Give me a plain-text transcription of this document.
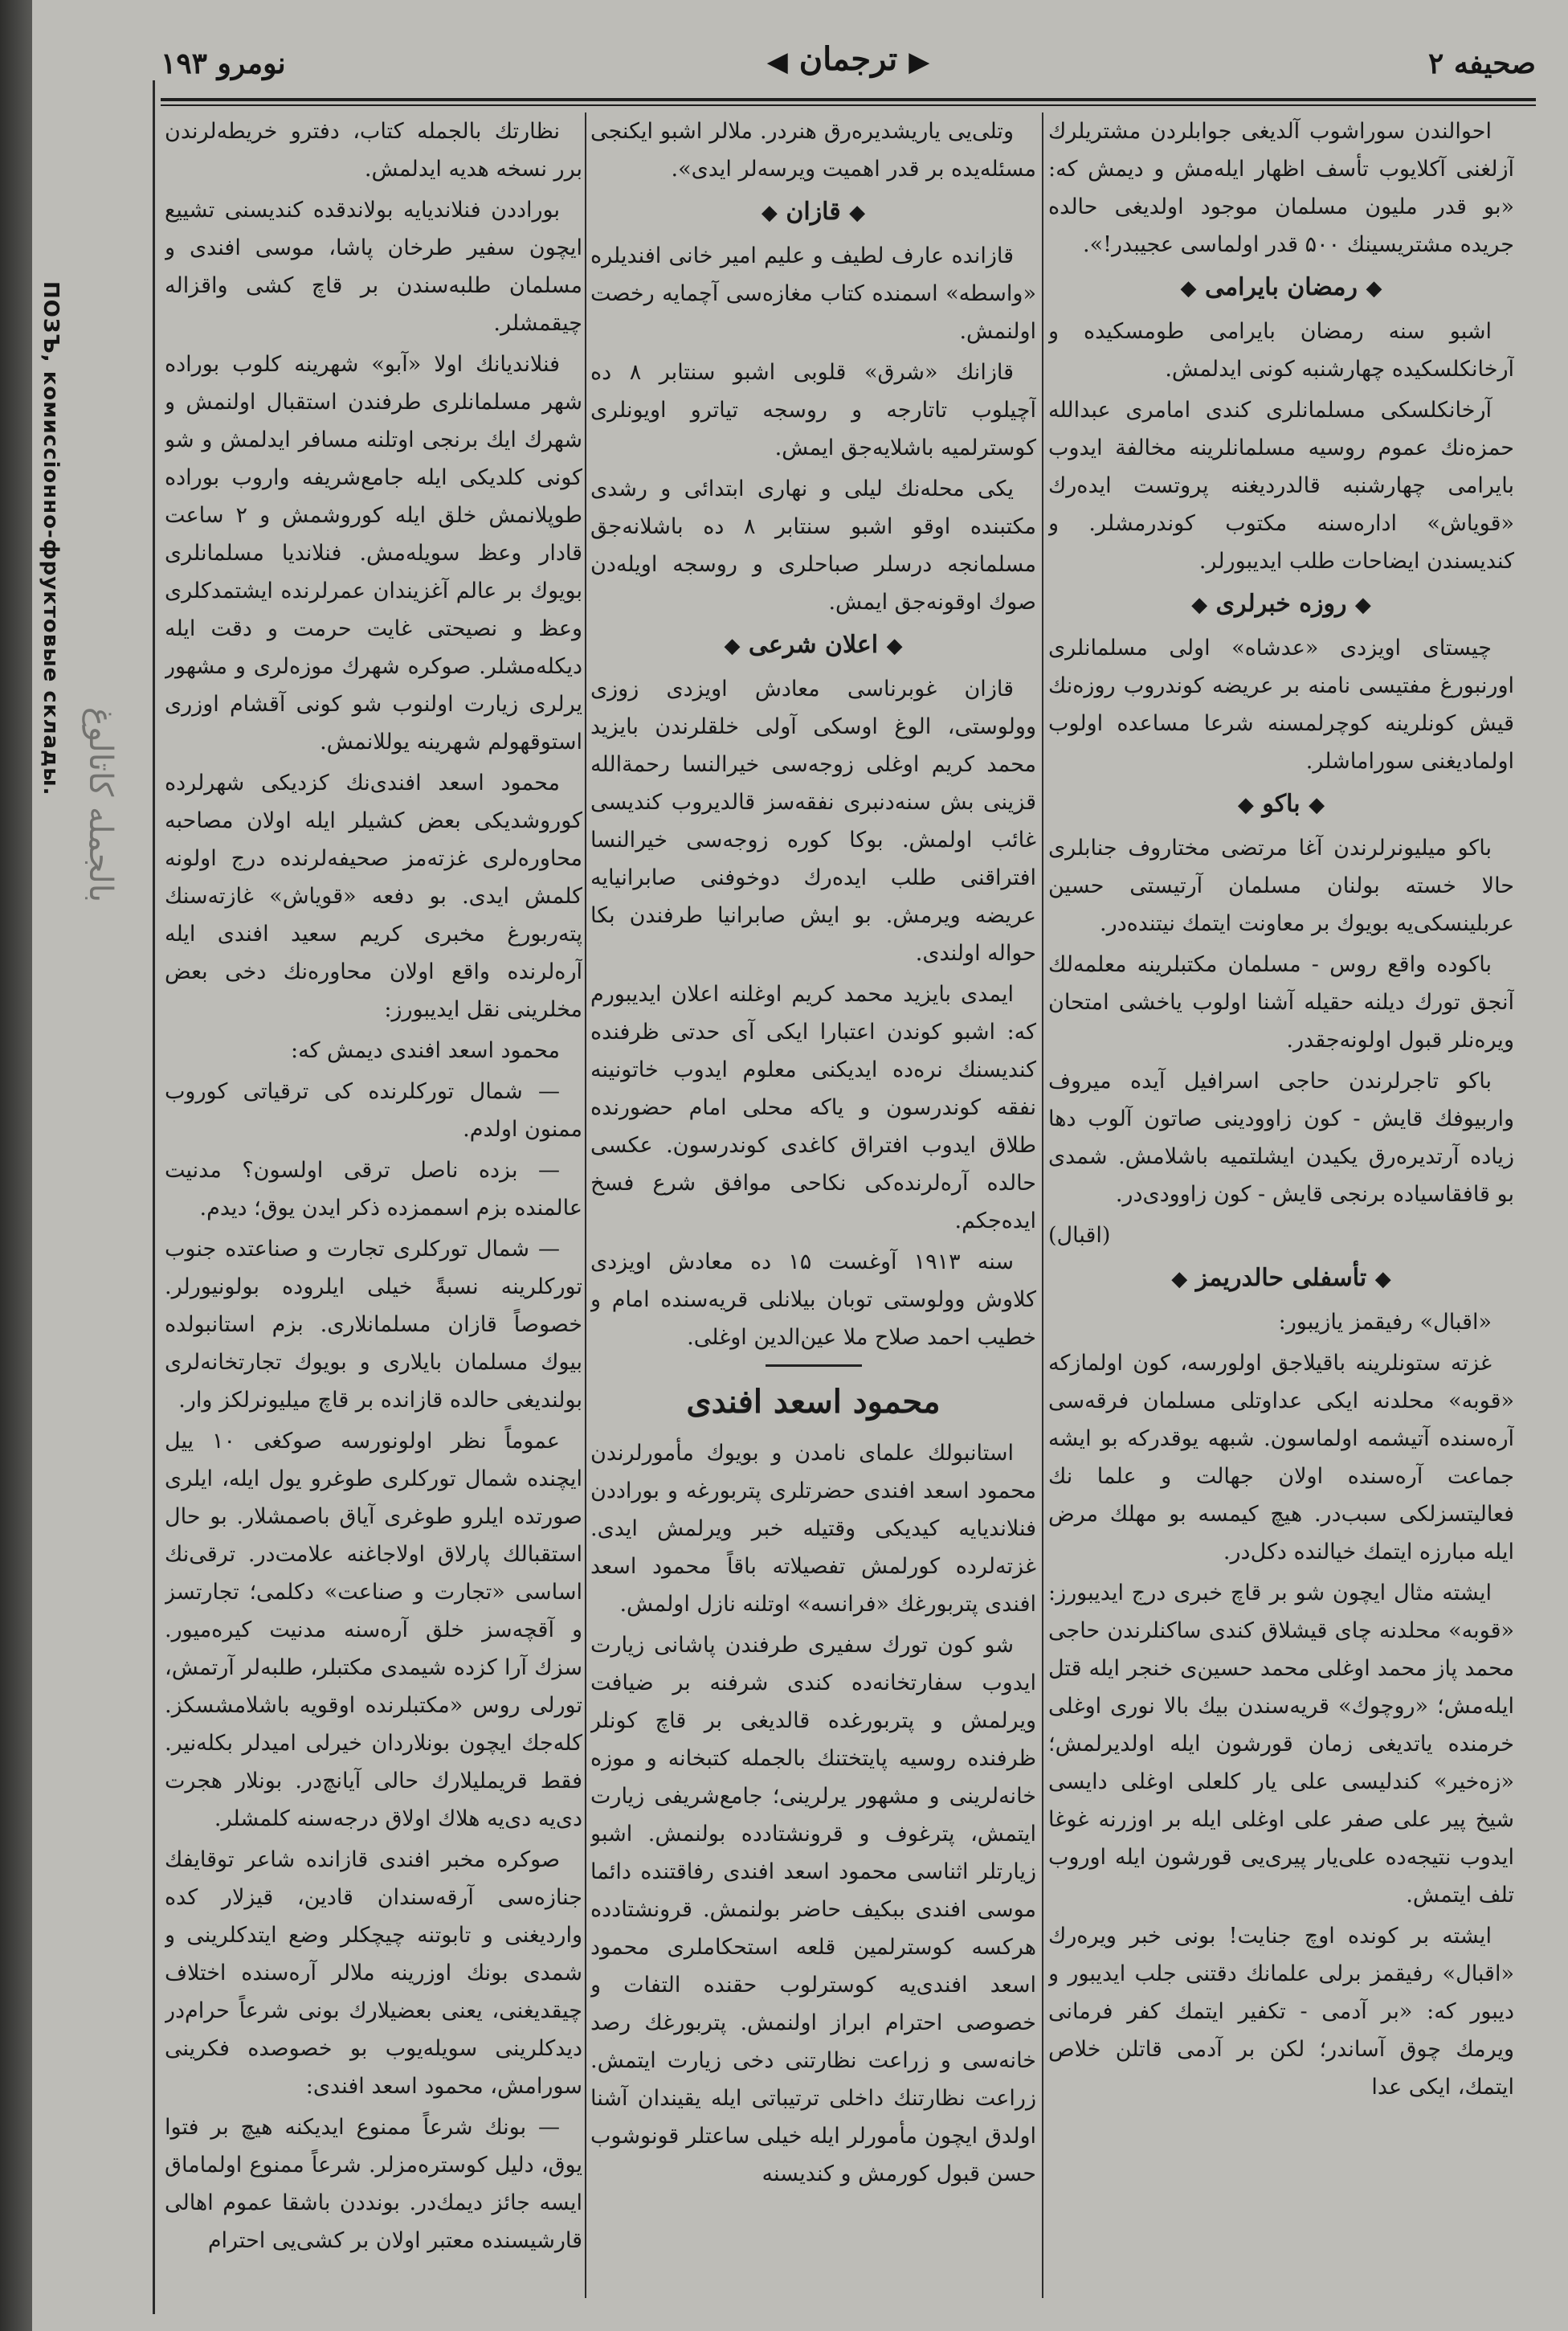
صحیفه ۲
▶ ترجمان ◀
نومرو ۱۹۳

احوالندن سوراشوب آلدیغی جوابلردن مشتریلرك آزلغنی آكلایوب تأسف اظهار ایلەمش و دیمش كه: «بو قدر ملیون مسلمان موجود اولدیغی حالدە جریدە مشتریسینك ۵۰۰ قدر اولماسی عجیبدر!».

◆ رمضان بایرامی ◆

اشبو سنه رمضان بایرامی طومسكیده و آرخانكلسكیده چهارشنبه كونی ایدلمش.

آرخانكلسكی مسلمانلری كندی امامری عبدالله حمزەنك عموم روسیه مسلمانلرینه مخالفة ایدوب بایرامی چهارشنبه قالدردیغنه پروتست ایدەرك «قویاش» ادارەسنه مكتوب كوندرمشلر. و كندیسندن ایضاحات طلب ایدیبورلر.

◆ روزه خبرلری ◆

چیستای اویزدی «عدشاه» اولی مسلمانلری اورنبورغ مفتیسی نامنه بر عریضه كوندروب روزەنك قیش كونلرینه كوچرلمسنه شرعا مساعده اولوب اولمادیغنی سوراماشلر.

◆ باكو ◆

باكو میلیونرلرندن آغا مرتضی مختاروف جنابلری حالا خسته بولنان مسلمان آرتیستی حسین عربلینسكی‌یه بویوك بر معاونت ایتمك نیتنده‌در.

باكوده واقع روس - مسلمان مكتبلرینه معلمەلك آنجق تورك دیلنه حقیله آشنا اولوب یاخشی امتحان ویرەنلر قبول اولونەجقدر.

باكو تاجرلرندن حاجی اسرافیل آیدە میروف واربیوفك قایش - كون زاوودینی صاتون آلوب دها زیاده آرتدیرەرق یكیدن ایشلتمیه باشلامش. شمدی بو قافقاسیاده برنجی قایش - كون زاوودی‌در.

(اقبال)
◆ تأسفلی حالدریمز ◆

«اقبال» رفیقمز یازیبور:

غزته ستونلرینه باقیلاجق اولورسه، كون اولمازكه «قوبه» محلدنه ایكی عداوتلی مسلمان فرقەسی آرەسنده آتیشمه اولماسون. شبهه یوقدركه بو ایشه جماعت آرەسنده اولان جهالت و علما نك فعالیتسزلكی سبب‌در. هیچ كیمسه بو مهلك مرض ایله مبارزه ایتمك خیالنده دكل‌در.

ایشته مثال ایچون شو بر قاچ خبری درج ایدیبورز: «قوبه» محلدنه چای قیشلاق كندی ساكنلرندن حاجی محمد پاز محمد اوغلی محمد حسین‌ی خنجر ایله قتل ایلەمش؛ «روچوك» قریه‌سندن بیك بالا نوری اوغلی خرمنده یاتدیغی زمان قورشون ایله اولدیرلمش؛ «زەخیر» كندلیسی علی یار كلعلی اوغلی دایسی شیخ پیر علی صفر علی اوغلی ایله بر اوزرنه غوغا ایدوب نتیجه‌ده علی‌یار پیری‌یی قورشون ایله اوروب تلف ایتمش.

ایشته بر كونده اوچ جنایت! بونی خبر ویرەرك «اقبال» رفیقمز برلی علمانك دقتنی جلب ایدیبور و دیبور كه: «بر آدمی - تكفیر ایتمك كفر فرمانی ویرمك چوق آساندر؛ لكن بر آدمی قاتلن خلاص ایتمك، ایكی عدا

وتلی‌یی یاریشدیرەرق هنردر. ملالر اشبو ایكنجی مسئلەیده بر قدر اهمیت ویرسەلر ایدی».

◆ قازان ◆

قازانده عارف لطیف و علیم امیر خانی افندیلره «واسطه» اسمنده كتاب مغازەسی آچمایه رخصت اولنمش.

قازانك «شرق» قلوبی اشبو سنتابر ۸ ده آچیلوب تاتارجه و روسجه تیاترو اویونلری كوسترلمیه باشلایەجق ایمش.

یكی محله‌نك لیلی و نهاری ابتدائی و رشدی مكتبنده اوقو اشبو سنتابر ۸ ده باشلانەجق مسلمانجه درسلر صباحلری و روسجه اویله‌دن صوك اوقونەجق ایمش.

◆ اعلان شرعی ◆

قازان غوبرناسی معادش اویزدی زوزی وولوستی، الوغ اوسكی آولی خلقلرندن بایزید محمد كریم اوغلی زوجه‌سی خیرالنسا رحمةالله قزینی بش سنه‌دنبری نفقه‌سز قالدیروب كندیسی غائب اولمش. بوكا كوره زوجه‌سی خیرالنسا افتراقنی طلب ایدەرك دوخوفنی صابرانیایه عریضه ویرمش. بو ایش صابرانیا طرفندن بكا حواله اولندی.

ایمدی بایزید محمد كریم اوغلنه اعلان ایدیبورم كه: اشبو كوندن اعتبارا ایكی آی حدتی ظرفنده كندیسنك نرەده ایدیكنی معلوم ایدوب خاتونینه نفقه كوندرسون و یاكه محلی امام حضورنده طلاق ایدوب افتراق كاغدی كوندرسون. عكسی حالده آرەلرنده‌كی نكاحی موافق شرع فسخ ایدەجكم.

سنه ۱۹۱۳ آوغست ۱۵ ده معادش اویزدی كلاوش وولوستی توبان بیلانلی قریەسنده امام و خطیب احمد صلاح ملا عین‌الدین اوغلی.

محمود اسعد افندی

استانبولك علمای نامدن و بویوك مأمورلرندن محمود اسعد افندی حضرتلری پتربورغه و بوراددن فنلاندیایه كیدیكی وقتیله خبر ویرلمش ایدی. غزته‌لرده كورلمش تفصیلاته باقاً محمود اسعد افندی پتربورغك «فرانسه» اوتلنه نازل اولمش.

شو كون تورك سفیری طرفندن پاشانی زیارت ایدوب سفارتخانه‌ده كندی شرفنه بر ضیافت ویرلمش و پتربورغده قالدیغی بر قاچ كونلر ظرفنده روسیه پایتختنك بالجمله كتبخانه و موزه خانه‌لرینی و مشهور یرلرینی؛ جامع‌شریفی زیارت ایتمش، پترغوف و قرونشتادده بولنمش. اشبو زیارتلر اثناسی محمود اسعد افندی رفاقتنده دائما موسی افندی ببكیف حاضر بولنمش. قرونشتادده هركسه كوسترلمین قلعه استحكاملری محمود اسعد افندی‌یه كوسترلوب حقنده التفات و خصوصی احترام ابراز اولنمش. پتربورغك رصد خانەسی و زراعت نظارتنی دخی زیارت ایتمش. زراعت نظارتنك داخلی ترتیباتی ایله یقیندان آشنا اولدق ایچون مأمورلر ایله خیلی ساعتلر قونوشوب حسن قبول كورمش و كندیسنه

نظارتك بالجمله كتاب، دفترو خریطەلرندن برر نسخه هدیه ایدلمش.

بوراددن فنلاندیایه بولاندقده كندیسنی تشییع ایچون سفیر طرخان پاشا، موسی افندی و مسلمان طلبه‌سندن بر قاچ كشی واقزاله چیقمشلر.

فنلاندیانك اولا «آبو» شهرینه كلوب بوراده شهر مسلمانلری طرفندن استقبال اولنمش و شهرك ایك برنجی اوتلنه مسافر ایدلمش و شو كونی كلدیكی ایله جامع‌شریفه واروب بوراده طوپلانمش خلق ایله كوروشمش و ۲ ساعت قادار وعظ سویلەمش. فنلاندیا مسلمانلری بویوك بر عالم آغزیندان عمرلرنده ایشتمدكلری وعظ و نصیحتی غایت حرمت و دقت ایله دیكلەمشلر. صوكره شهرك موزەلری و مشهور یرلری زیارت اولنوب شو كونی آقشام اوزری استوقهولم شهرینه یوللانمش.

محمود اسعد افندی‌نك كزدیكی شهرلرده كوروشدیكی بعض كشیلر ایله اولان مصاحبه محاورەلری غزته‌مز صحیفەلرنده درج اولونه كلمش ایدی. بو دفعه «قویاش» غازته‌سنك پتەربورغ مخبری كریم سعید افندی ایله آرەلرنده واقع اولان محاورەنك دخی بعض مخلرینی نقل ایدیبورز:

محمود اسعد افندی دیمش كه:

— شمال تورکلرنده کی ترقیاتی كوروب ممنون اولدم.

— بزده ناصل ترقی اولسون؟ مدنیت عالمنده بزم اسممزده ذكر ایدن یوق؛ دیدم.

— شمال تورکلری تجارت و صناعتده جنوب تورکلرینه نسبةً خیلی ایلروده بولونیورلر. خصوصاً قازان مسلمانلاری. بزم استانبولده بیوك مسلمان بایلاری و بویوك تجارتخانه‌لری بولندیغی حالده قازانده بر قاچ میلیونرلکز وار.

عموماً نظر اولونورسه صوکغی ۱۰ ییل ایچنده شمال تورکلری طوغرو یول ایله، ایلری صورتده ایلرو طوغری آیاق باصمشلار. بو حال استقبالك پارلاق اولاجاغنه علامت‌در. ترقی‌نك اساسی «تجارت و صناعت» دكلمی؛ تجارتسز و آقچه‌سز خلق آرەسنه مدنیت كیرەمیور. سزك آرا كزده شیمدی مكتبلر، طلبەلر آرتمش، تورلی روس «مكتبلرنده اوقویه باشلامشسكز. كلەجك ایچون بونلاردان خیرلی امیدلر بكلەنیر. فقط قریملیلارك حالی آیانچ‌در. بونلار هجرت دی‌یه دی‌یه هلاك اولاق درجەسنه كلمشلر.

صوكره مخبر افندی قازانده شاعر توقایفك جنازەسی آرقەسندان قادین، قیزلار كده واردیغنی و تابوتنه چیچكلر وضع ایتدكلرینی و شمدی بونك اوزرینه ملالر آرەسنده اختلاف چیقدیغنی، یعنی بعضیلارك بونی شرعاً حرام‌در دیدكلرینی سویلەیوب بو خصوصده فكرینی سورامش، محمود اسعد افندی:

— بونك شرعاً ممنوع ایدیكنه هیچ بر فتوا یوق، دلیل كوسترەمزلر. شرعاً ممنوع اولماماق ایسه جائز دیمك‌در. بونددن باشقا عموم اهالی قارشیسنده معتبر اولان بر كشی‌یی احترام

ПОЗЪ, комиссіонно-фруктовые склады.
بالجمله كاتالوغ
